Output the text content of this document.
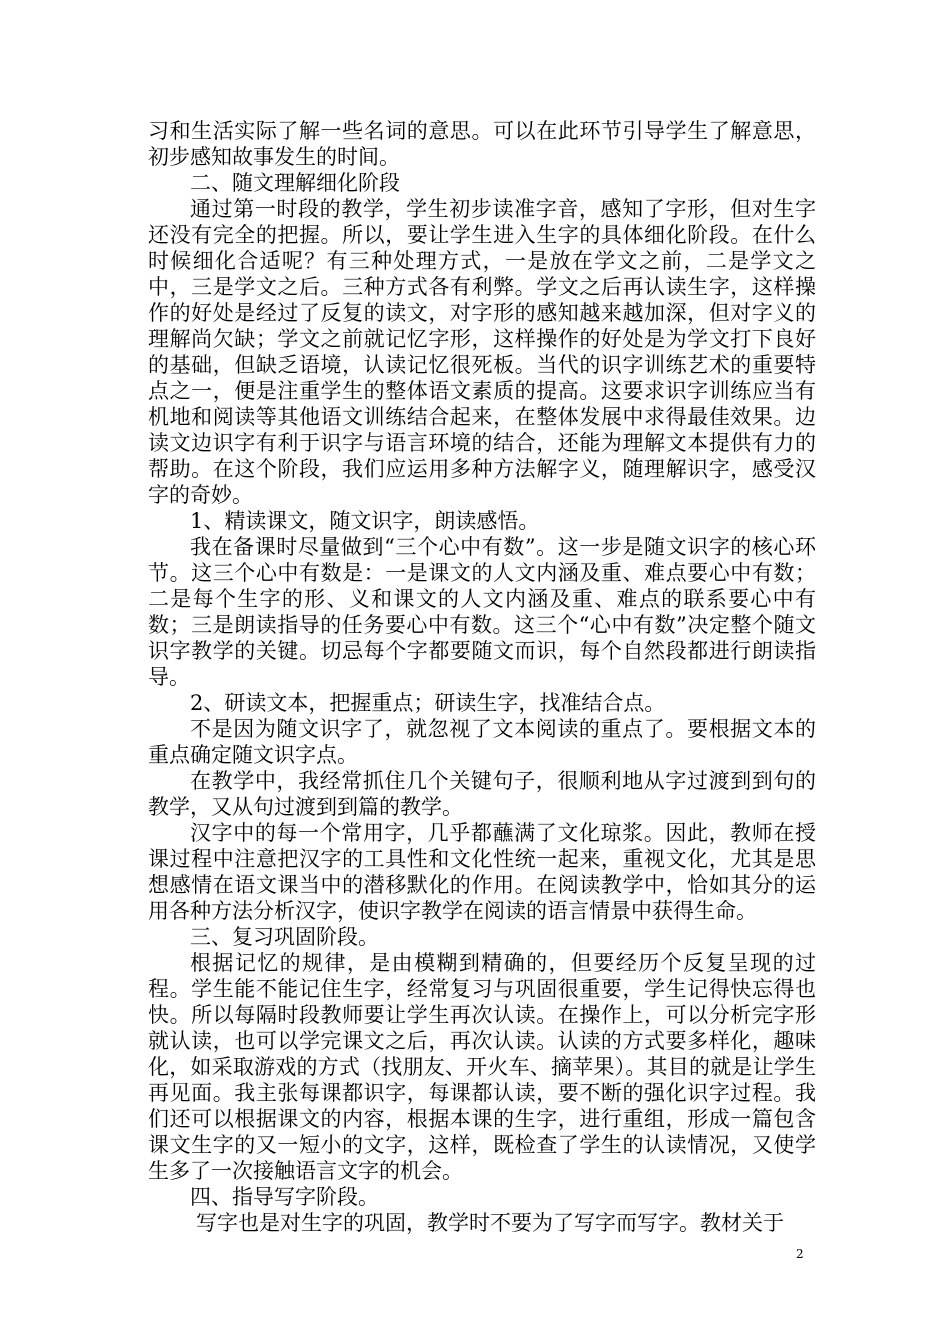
习和生活实际了解一些名词的意思。可以在此环节引导学生了解意思，初步感知故事发生的时间。

二、随文理解细化阶段

通过第一时段的教学，学生初步读准字音，感知了字形，但对生字还没有完全的把握。所以，要让学生进入生字的具体细化阶段。在什么时候细化合适呢？有三种处理方式，一是放在学文之前，二是学文之中，三是学文之后。三种方式各有利弊。学文之后再认读生字，这样操作的好处是经过了反复的读文，对字形的感知越来越加深，但对字义的理解尚欠缺；学文之前就记忆字形，这样操作的好处是为学文打下良好的基础，但缺乏语境，认读记忆很死板。当代的识字训练艺术的重要特点之一，便是注重学生的整体语文素质的提高。这要求识字训练应当有机地和阅读等其他语文训练结合起来，在整体发展中求得最佳效果。边读文边识字有利于识字与语言环境的结合，还能为理解文本提供有力的帮助。在这个阶段，我们应运用多种方法解字义，随理解识字，感受汉字的奇妙。

1、精读课文，随文识字，朗读感悟。

我在备课时尽量做到“三个心中有数”。这一步是随文识字的核心环节。这三个心中有数是：一是课文的人文内涵及重、难点要心中有数；二是每个生字的形、义和课文的人文内涵及重、难点的联系要心中有数；三是朗读指导的任务要心中有数。这三个“心中有数”决定整个随文识字教学的关键。切忌每个字都要随文而识，每个自然段都进行朗读指导。

2、研读文本，把握重点；研读生字，找准结合点。

不是因为随文识字了，就忽视了文本阅读的重点了。要根据文本的重点确定随文识字点。

在教学中，我经常抓住几个关键句子，很顺利地从字过渡到到句的教学，又从句过渡到到篇的教学。

汉字中的每一个常用字，几乎都蘸满了文化琼浆。因此，教师在授课过程中注意把汉字的工具性和文化性统一起来，重视文化，尤其是思想感情在语文课当中的潜移默化的作用。在阅读教学中，恰如其分的运用各种方法分析汉字，使识字教学在阅读的语言情景中获得生命。

三、复习巩固阶段。

根据记忆的规律，是由模糊到精确的，但要经历个反复呈现的过程。学生能不能记住生字，经常复习与巩固很重要，学生记得快忘得也快。所以每隔时段教师要让学生再次认读。在操作上，可以分析完字形就认读，也可以学完课文之后，再次认读。认读的方式要多样化，趣味化，如采取游戏的方式（找朋友、开火车、摘苹果）。其目的就是让学生再见面。我主张每课都识字，每课都认读，要不断的强化识字过程。我们还可以根据课文的内容，根据本课的生字，进行重组，形成一篇包含课文生字的又一短小的文字，这样，既检查了学生的认读情况，又使学生多了一次接触语言文字的机会。

四、指导写字阶段。

写字也是对生字的巩固，教学时不要为了写字而写字。教材关于

2
